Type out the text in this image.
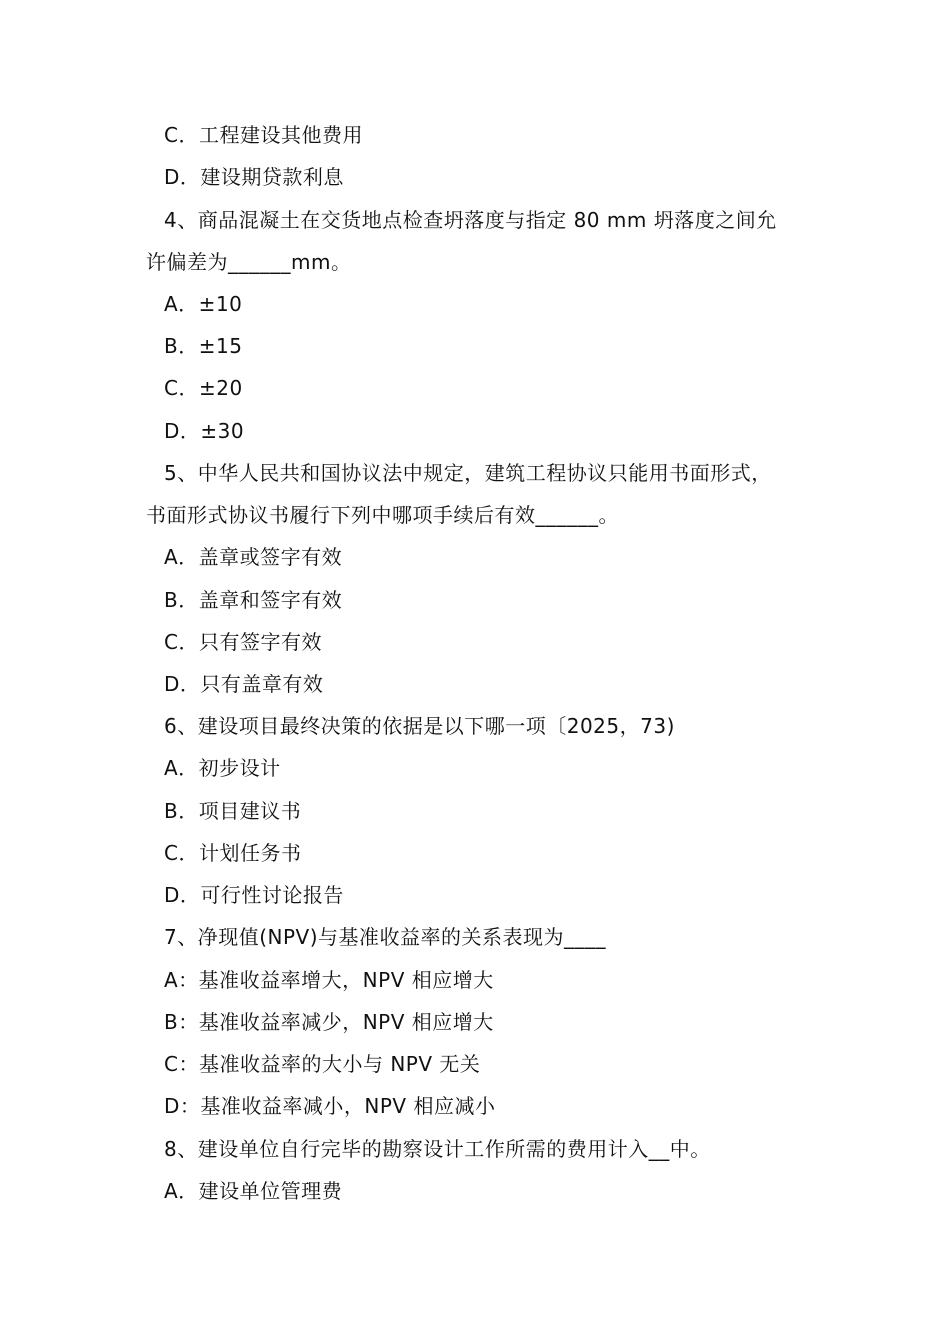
C．工程建设其他费用
D．建设期贷款利息
4、商品混凝土在交货地点检查坍落度与指定 80 mm 坍落度之间允
许偏差为______mm。
A．±10
B．±15
C．±20
D．±30
5、中华人民共和国协议法中规定，建筑工程协议只能用书面形式，
书面形式协议书履行下列中哪项手续后有效______。
A．盖章或签字有效
B．盖章和签字有效
C．只有签字有效
D．只有盖章有效
6、建设项目最终决策的依据是以下哪一项〔2025，73)
A．初步设计
B．项目建议书
C．计划任务书
D．可行性讨论报告
7、净现值(NPV)与基准收益率的关系表现为____
A：基准收益率增大，NPV 相应增大
B：基准收益率减少，NPV 相应增大
C：基准收益率的大小与 NPV 无关
D：基准收益率减小，NPV 相应减小
8、建设单位自行完毕的勘察设计工作所需的费用计入__中。
A．建设单位管理费
